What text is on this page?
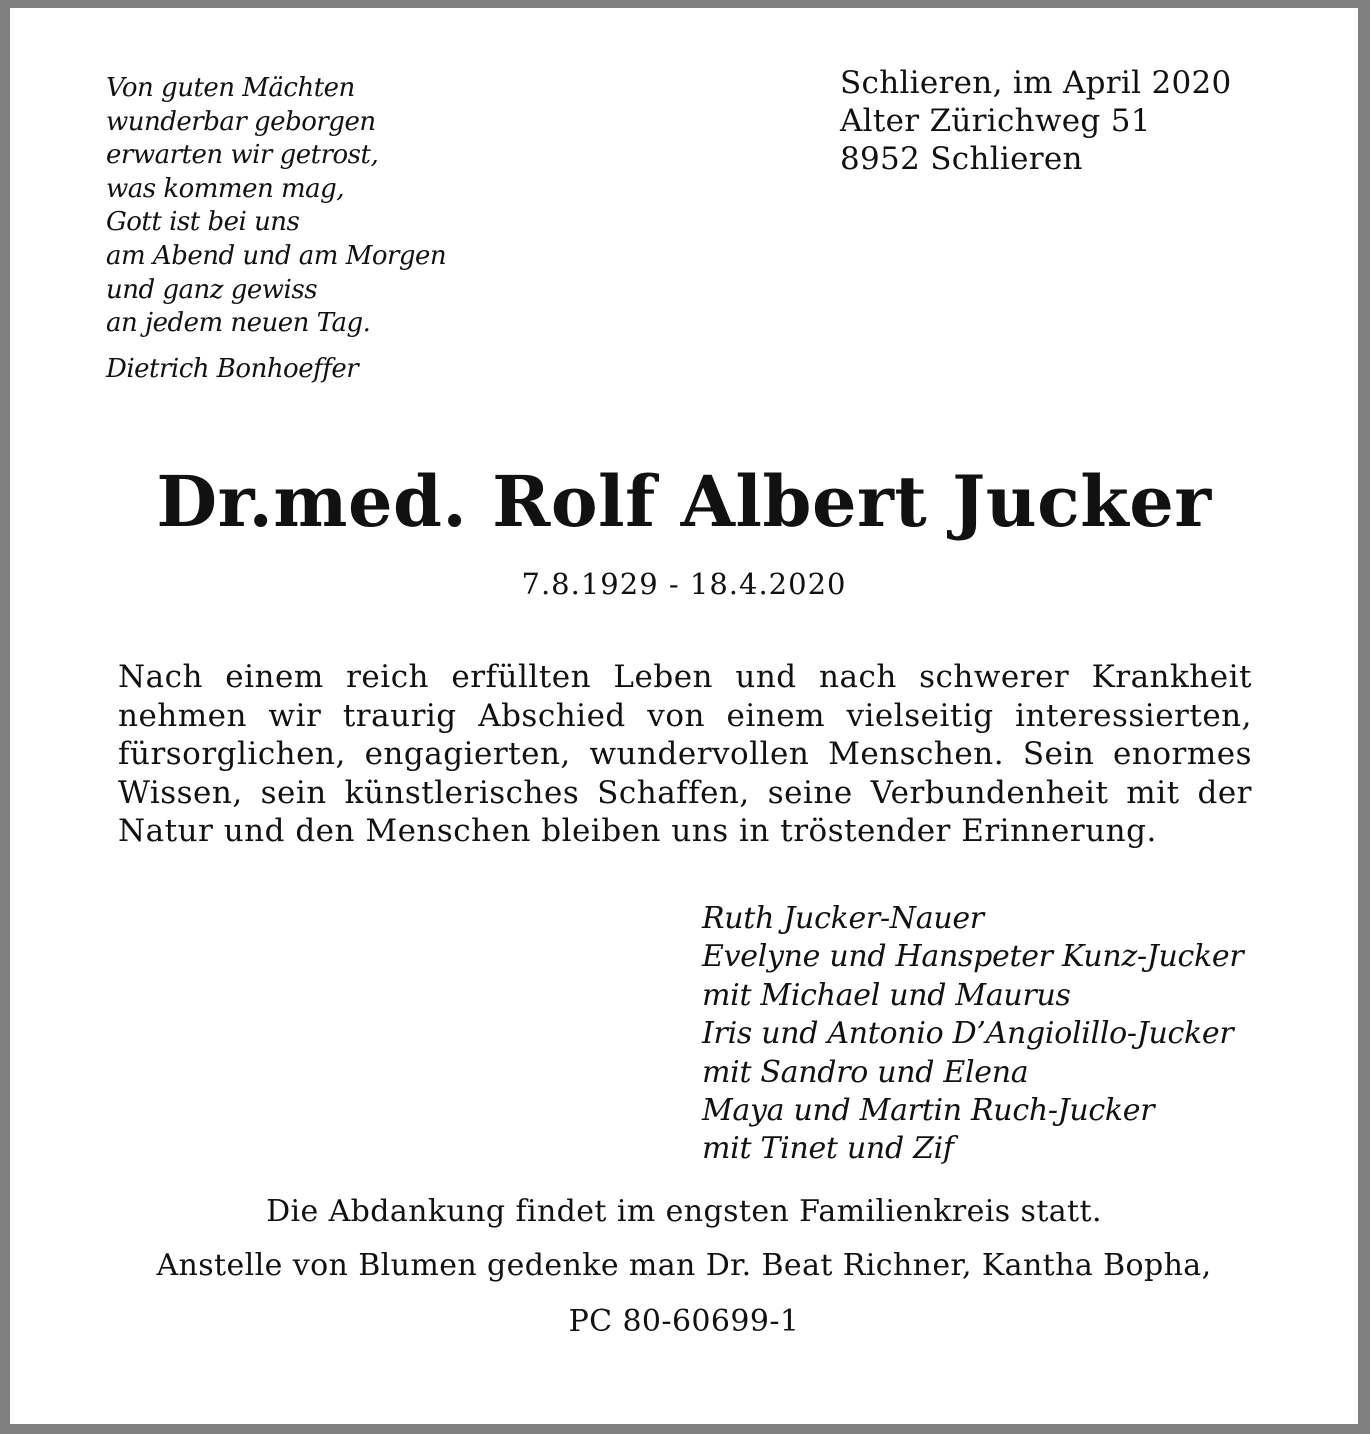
Von guten Mächten
wunderbar geborgen
erwarten wir getrost,
was kommen mag,
Gott ist bei uns
am Abend und am Morgen
und ganz gewiss
an jedem neuen Tag.
Dietrich Bonhoeffer
Schlieren, im April 2020
Alter Zürichweg 51
8952 Schlieren
Dr.med. Rolf Albert Jucker
7.8.1929 - 18.4.2020
Nach einem reich erfüllten Leben und nach schwerer Krankheit
nehmen wir traurig Abschied von einem vielseitig interessierten,
fürsorglichen, engagierten, wundervollen Menschen. Sein enormes
Wissen, sein künstlerisches Schaffen, seine Verbundenheit mit der
Natur und den Menschen bleiben uns in tröstender Erinnerung.
Ruth Jucker-Nauer
Evelyne und Hanspeter Kunz-Jucker
mit Michael und Maurus
Iris und Antonio D’Angiolillo-Jucker
mit Sandro und Elena
Maya und Martin Ruch-Jucker
mit Tinet und Zif
Die Abdankung findet im engsten Familienkreis statt.
Anstelle von Blumen gedenke man Dr. Beat Richner, Kantha Bopha,
PC 80-60699-1
